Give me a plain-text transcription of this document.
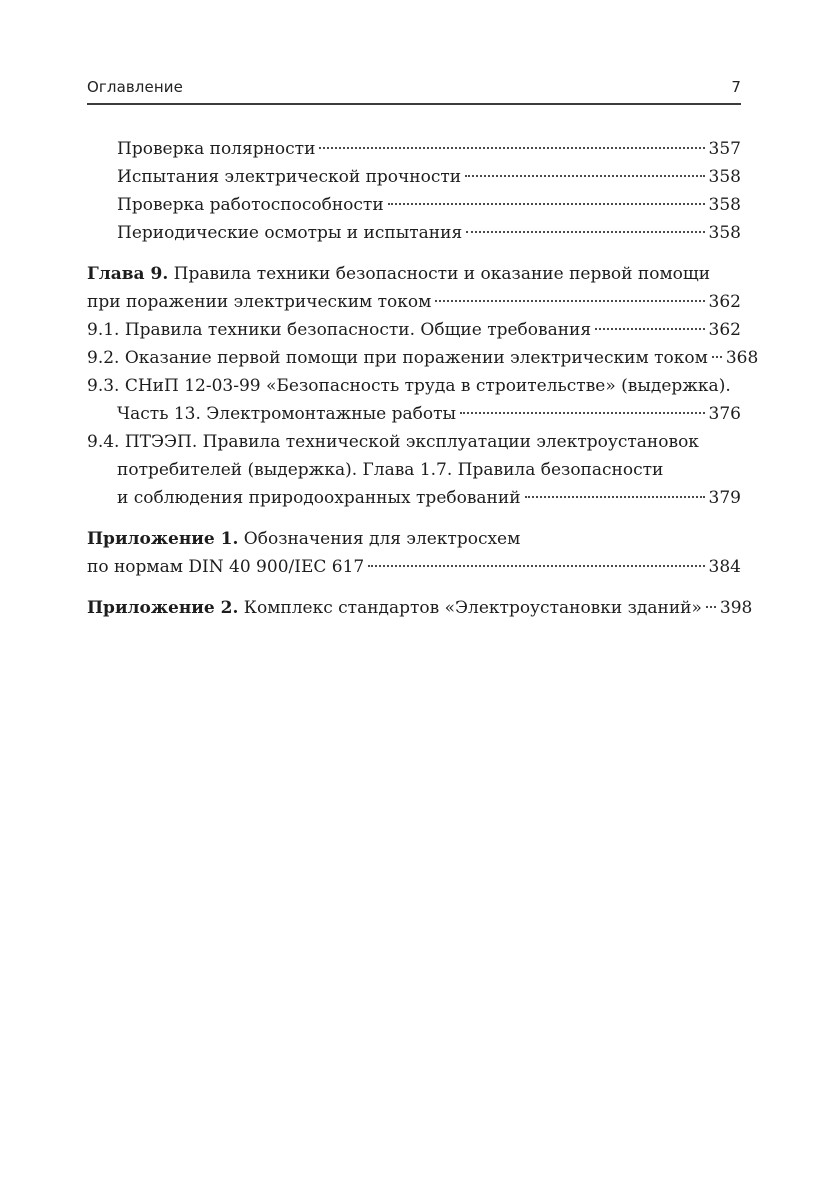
Оглавление	7
Проверка полярности	357
Испытания электрической прочности	358
Проверка работоспособности	358
Периодические осмотры и испытания	358
Глава 9.
Правила техники безопасности и оказание первой помощи
при поражении электрическим током	362
9.1. Правила техники безопасности. Общие требования	362
9.2. Оказание первой помощи при поражении электрическим током 368
9.3. СНиП 12-03-99 «Безопасность труда в строительстве» (выдержка).
Часть 13. Электромонтажные работы	376
9.4. ПТЭЭП. Правила технической эксплуатации электроустановок
потребителей (выдержка). Глава 1.7. Правила безопасности
и соблюдения природоохранных требований	379
Приложение 1.
Обозначения для электросхем
по нормам DIN 40 900/IEC 617	384
Приложение 2.
Комплекс стандартов «Электроустановки зданий» 398
